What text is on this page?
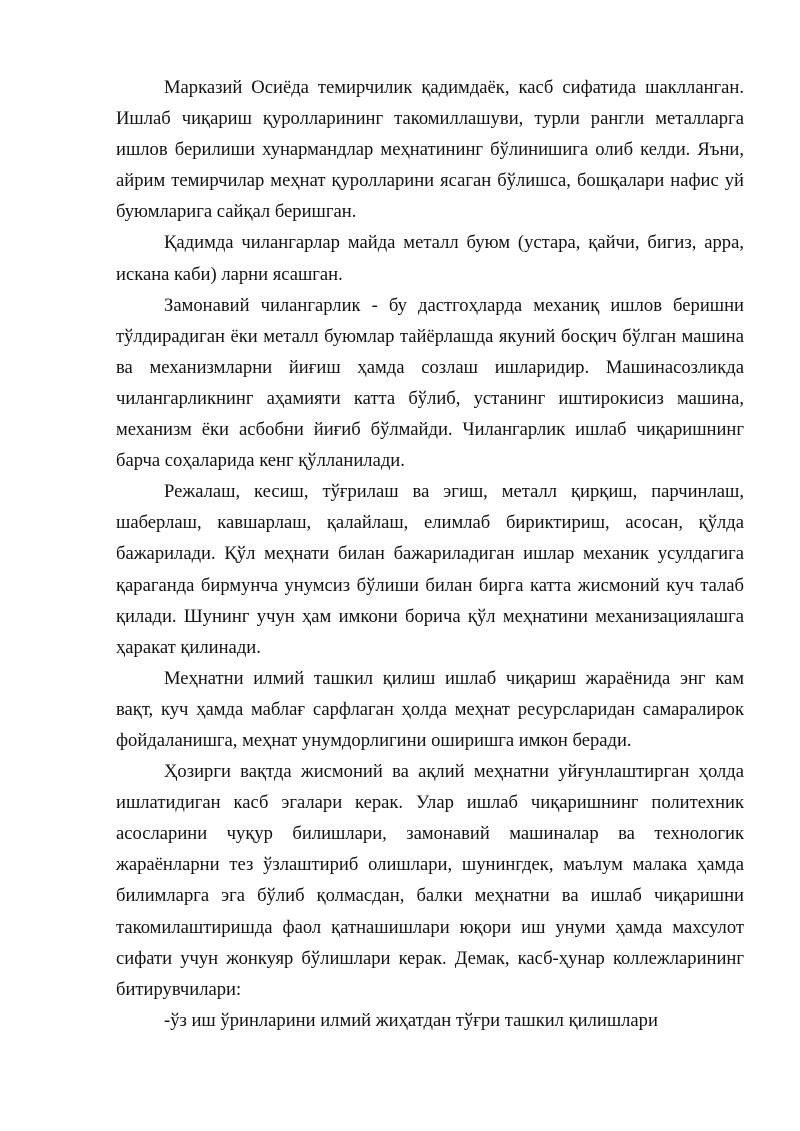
Марказий Осиёда темирчилик қадимдаёк, касб сифатида шаклланган. Ишлаб чиқариш қуролларининг такомиллашуви, турли рангли металларга ишлов берилиши хунармандлар меҳнатининг бўлинишига олиб келди. Яъни, айрим темирчилар меҳнат қуролларини ясаган бўлишса, бошқалари нафис уй буюмларига сайқал беришган.

Қадимда чилангарлар майда металл буюм (устара, қайчи, бигиз, арра, искана каби) ларни ясашган.

Замонавий чилангарлик - бу дастгоҳларда механиқ ишлов беришни тўлдирадиган ёки металл буюмлар тайёрлашда якуний босқич бўлган машина ва механизмларни йиғиш ҳамда созлаш ишларидир. Машинасозликда чилангарликнинг аҳамияти катта бўлиб, устанинг иштирокисиз машина, механизм ёки асбобни йиғиб бўлмайди. Чилангарлик ишлаб чиқаришнинг барча соҳаларида кенг қўлланилади.

Режалаш, кесиш, тўғрилаш ва эгиш, металл қирқиш, парчинлаш, шаберлаш, кавшарлаш, қалайлаш, елимлаб бириктириш, асосан, қўлда бажарилади. Қўл меҳнати билан бажариладиган ишлар механик усулдагига қараганда бирмунча унумсиз бўлиши билан бирга катта жисмоний куч талаб қилади. Шунинг учун ҳам имкони борича қўл меҳнатини механизациялашга ҳаракат қилинади.

Меҳнатни илмий ташкил қилиш ишлаб чиқариш жараёнида энг кам вақт, куч ҳамда маблағ сарфлаган ҳолда меҳнат ресурсларидан самаралирок фойдаланишга, меҳнат унумдорлигини оширишга имкон беради.

Ҳозирги вақтда жисмоний ва ақлий меҳнатни уйғунлаштирган ҳолда ишлатидиган касб эгалари керак. Улар ишлаб чиқаришнинг политехник асосларини чуқур билишлари, замонавий машиналар ва технологик жараёнларни тез ўзлаштириб олишлари, шунингдек, маълум малака ҳамда билимларга эга бўлиб қолмасдан, балки меҳнатни ва ишлаб чиқаришни такомилаштиришда фаол қатнашишлари юқори иш унуми ҳамда махсулот сифати учун жонкуяр бўлишлари керак. Демак, касб-ҳунар коллежларининг битирувчилари:

-ўз иш ўринларини илмий жиҳатдан тўғри ташкил қилишлари
